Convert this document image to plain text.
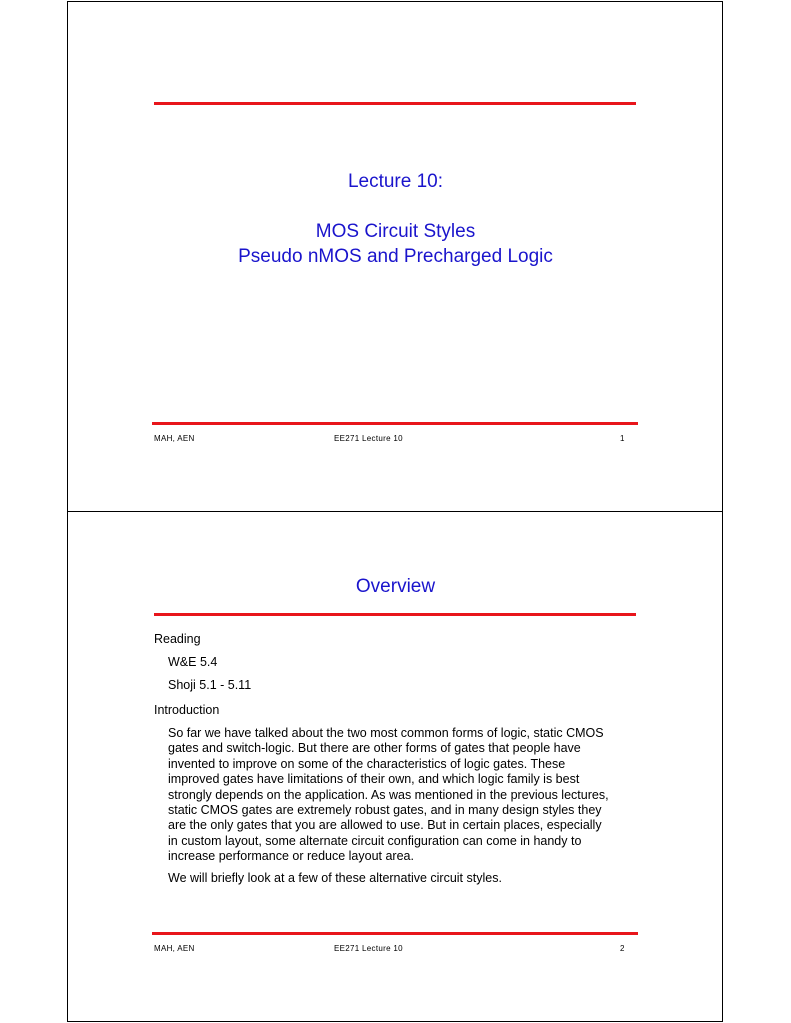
Lecture 10:
MOS Circuit Styles
Pseudo nMOS and Precharged Logic
MAH, AEN	EE271 Lecture 10	1
Overview
Reading
W&E 5.4
Shoji 5.1 - 5.11
Introduction
So far we have talked about the two most common forms of logic, static CMOS
gates and switch-logic. But there are other forms of gates that people have
invented to improve on some of the characteristics of logic gates. These
improved gates have limitations of their own, and which logic family is best
strongly depends on the application. As was mentioned in the previous lectures,
static CMOS gates are extremely robust gates, and in many design styles they
are the only gates that you are allowed to use. But in certain places, especially
in custom layout, some alternate circuit configuration can come in handy to
increase performance or reduce layout area.
We will briefly look at a few of these alternative circuit styles.
MAH, AEN	EE271 Lecture 10	2
